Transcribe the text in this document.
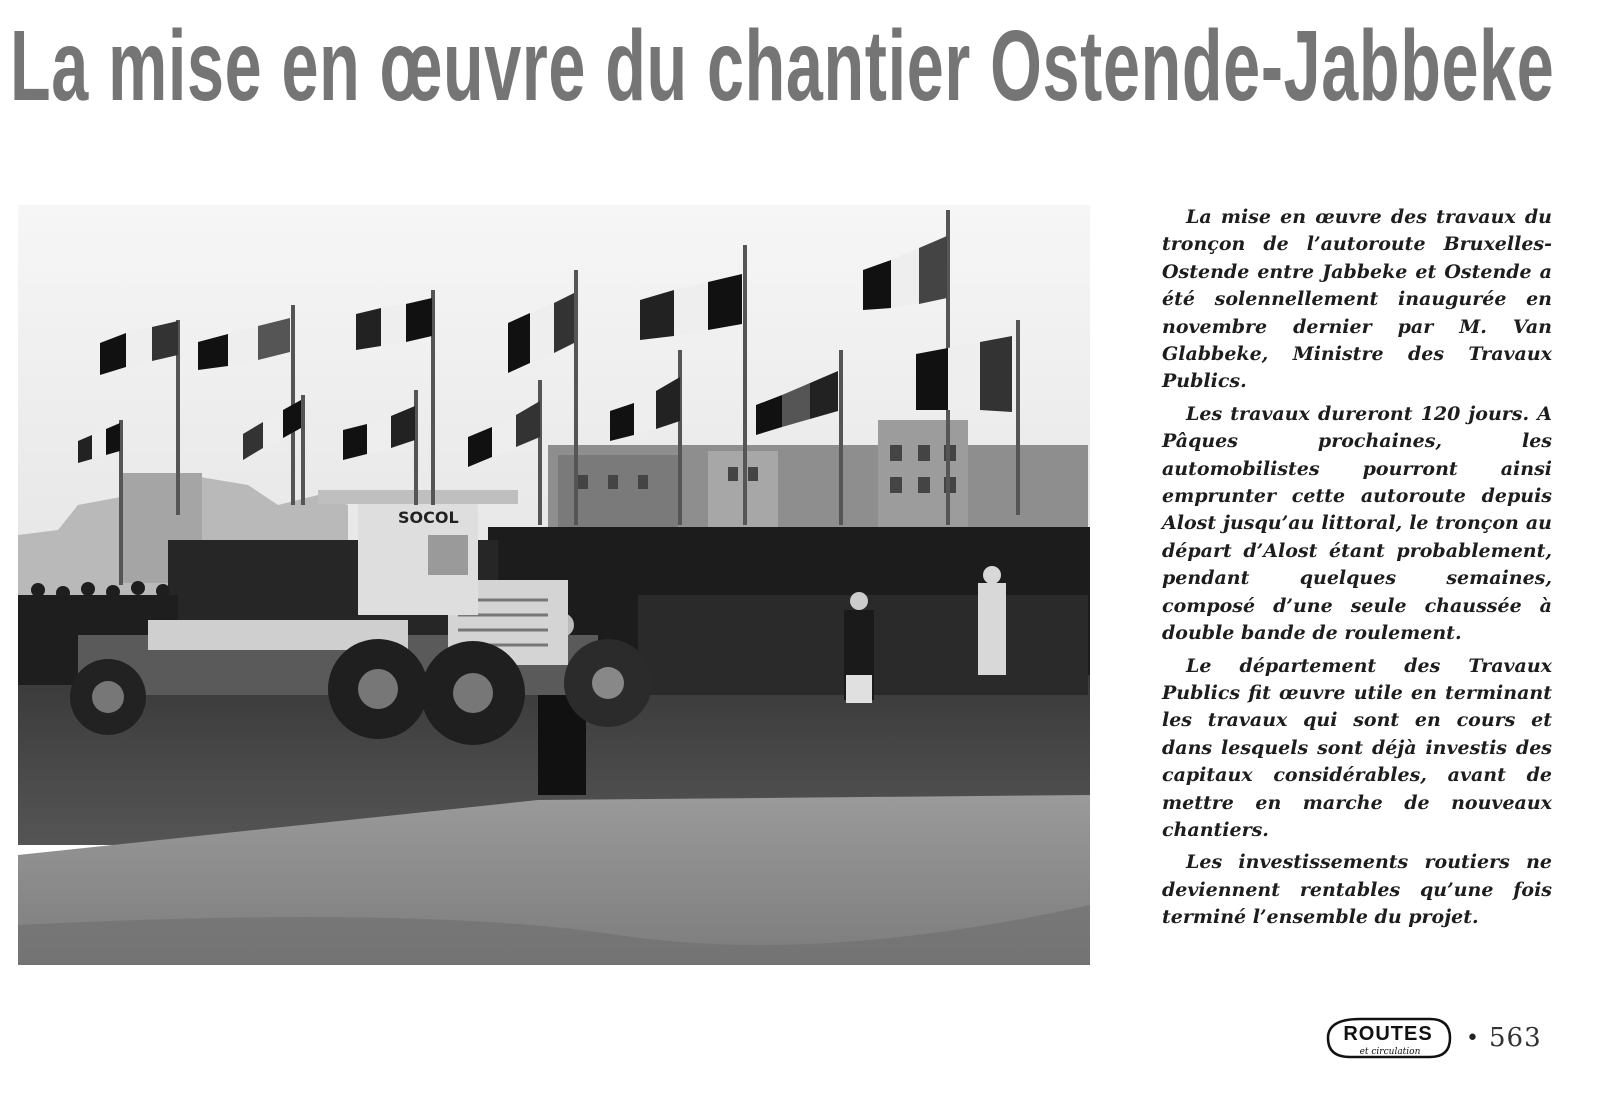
La mise en œuvre du chantier Ostende-Jabbeke
SOCOL

La mise en œuvre des travaux du tronçon de l’autoroute Bruxelles-Ostende entre Jabbeke et Ostende a été solennellement inaugurée en novembre dernier par M. Van Glabbeke, Ministre des Travaux Publics.

Les travaux dureront 120 jours. A Pâques prochaines, les automobilistes pourront ainsi emprunter cette autoroute depuis Alost jusqu’au littoral, le tronçon au départ d’Alost étant probablement, pendant quelques semaines, composé d’une seule chaussée à double bande de roulement.

Le département des Travaux Publics fit œuvre utile en terminant les travaux qui sont en cours et dans lesquels sont déjà investis des capitaux considérables, avant de mettre en marche de nouveaux chantiers.

Les investissements routiers ne deviennent rentables qu’une fois terminé l’ensemble du projet.

ROUTES
et circulation
• 563
